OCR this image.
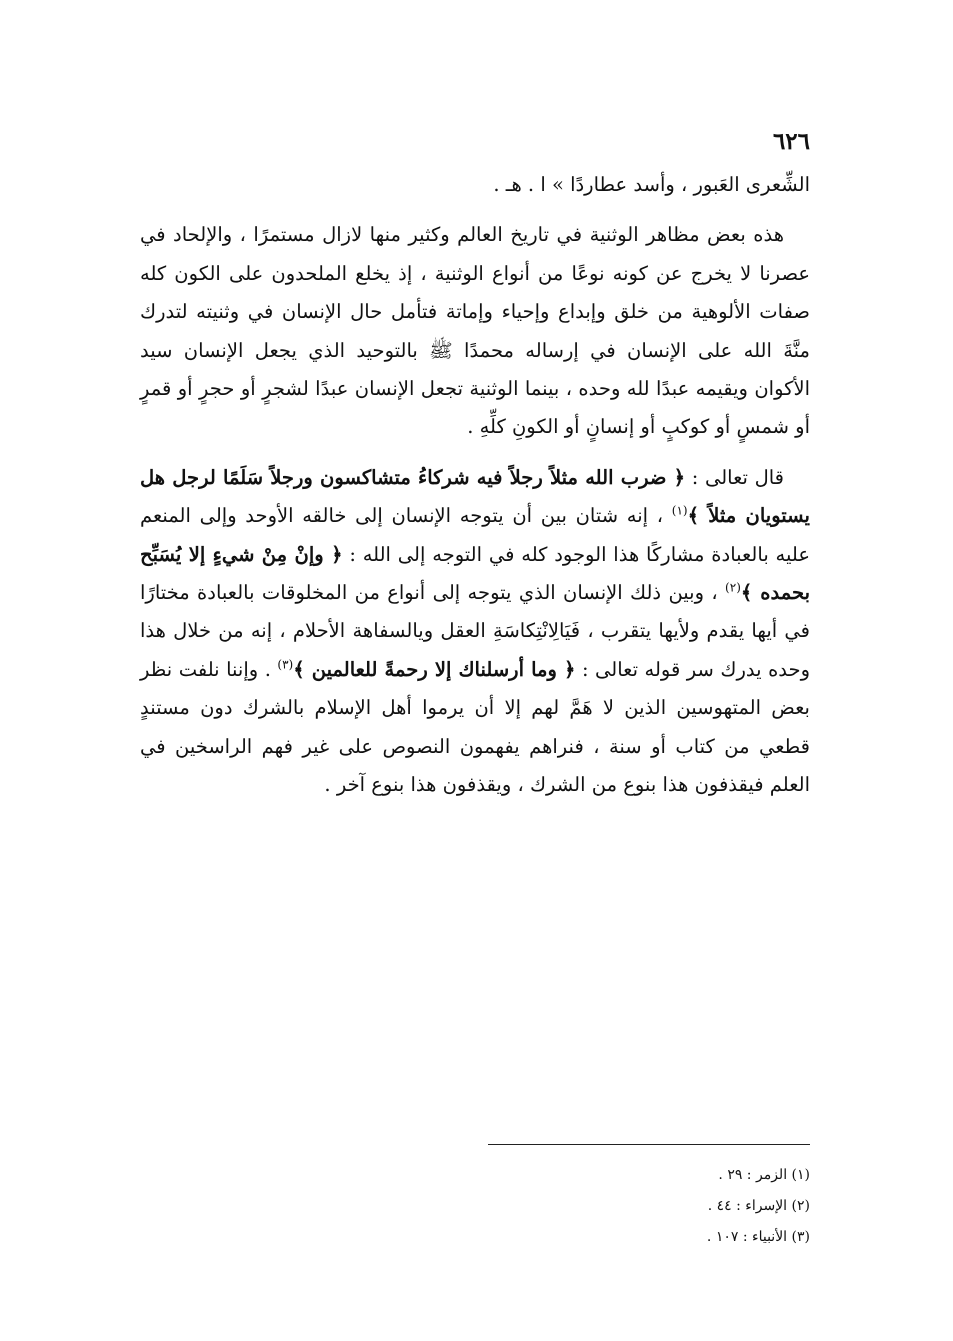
٦٢٦

الشِّعرى العَبور ، وأسد عطاردًا » ا . هـ .

هذه بعض مظاهر الوثنية في تاريخ العالم وكثير منها لازال مستمرًا ، والإلحاد في عصرنا لا يخرج عن كونه نوعًا من أنواع الوثنية ، إذ يخلع الملحدون على الكون كله صفات الألوهية من خلق وإبداع وإحياء وإماتة فتأمل حال الإنسان في وثنيته لتدرك منَّةَ الله على الإنسان في إرساله محمدًا ﷺ بالتوحيد الذي يجعل الإنسان سيد الأكوان ويقيمه عبدًا لله وحده ، بينما الوثنية تجعل الإنسان عبدًا لشجرٍ أو حجرٍ أو قمرٍ أو شمسٍ أو كوكبٍ أو إنسانٍ أو الكونِ كلِّهِ .

قال تعالى : ﴿ ضرب الله مثلاً رجلاً فيه شركاءُ متشاكسون ورجلاً سَلَمًا لرجل هل يستويان مثلاً ﴾$^{(١)}$ ، إنه شتان بين أن يتوجه الإنسان إلى خالقه الأوحد وإلى المنعم عليه بالعبادة مشاركًا هذا الوجود كله في التوجه إلى الله : ﴿ وإنْ مِنْ شيءٍ إلا يُسَبِّح بحمده ﴾$^{(٢)}$ ، وبين ذلك الإنسان الذي يتوجه إلى أنواع من المخلوقات بالعبادة مختارًا في أيها يقدم ولأيها يتقرب ، فَيَالِانْتِكاسَةِ العقل ويالسفاهة الأحلام ، إنه من خلال هذا وحده يدرك سر قوله تعالى : ﴿ وما أرسلناك إلا رحمةً للعالمين ﴾$^{(٣)}$ . وإننا نلفت نظر بعض المتهوسين الذين لا هَمَّ لهم إلا أن يرموا أهل الإسلام بالشرك دون مستندٍ قطعي من كتاب أو سنة ، فنراهم يفهمون النصوص على غير فهم الراسخين في العلم فيقذفون هذا بنوع من الشرك ، ويقذفون هذا بنوع آخر .

(١) الزمر : ٢٩ .

(٢) الإسراء : ٤٤ .

(٣) الأنبياء : ١٠٧ .
